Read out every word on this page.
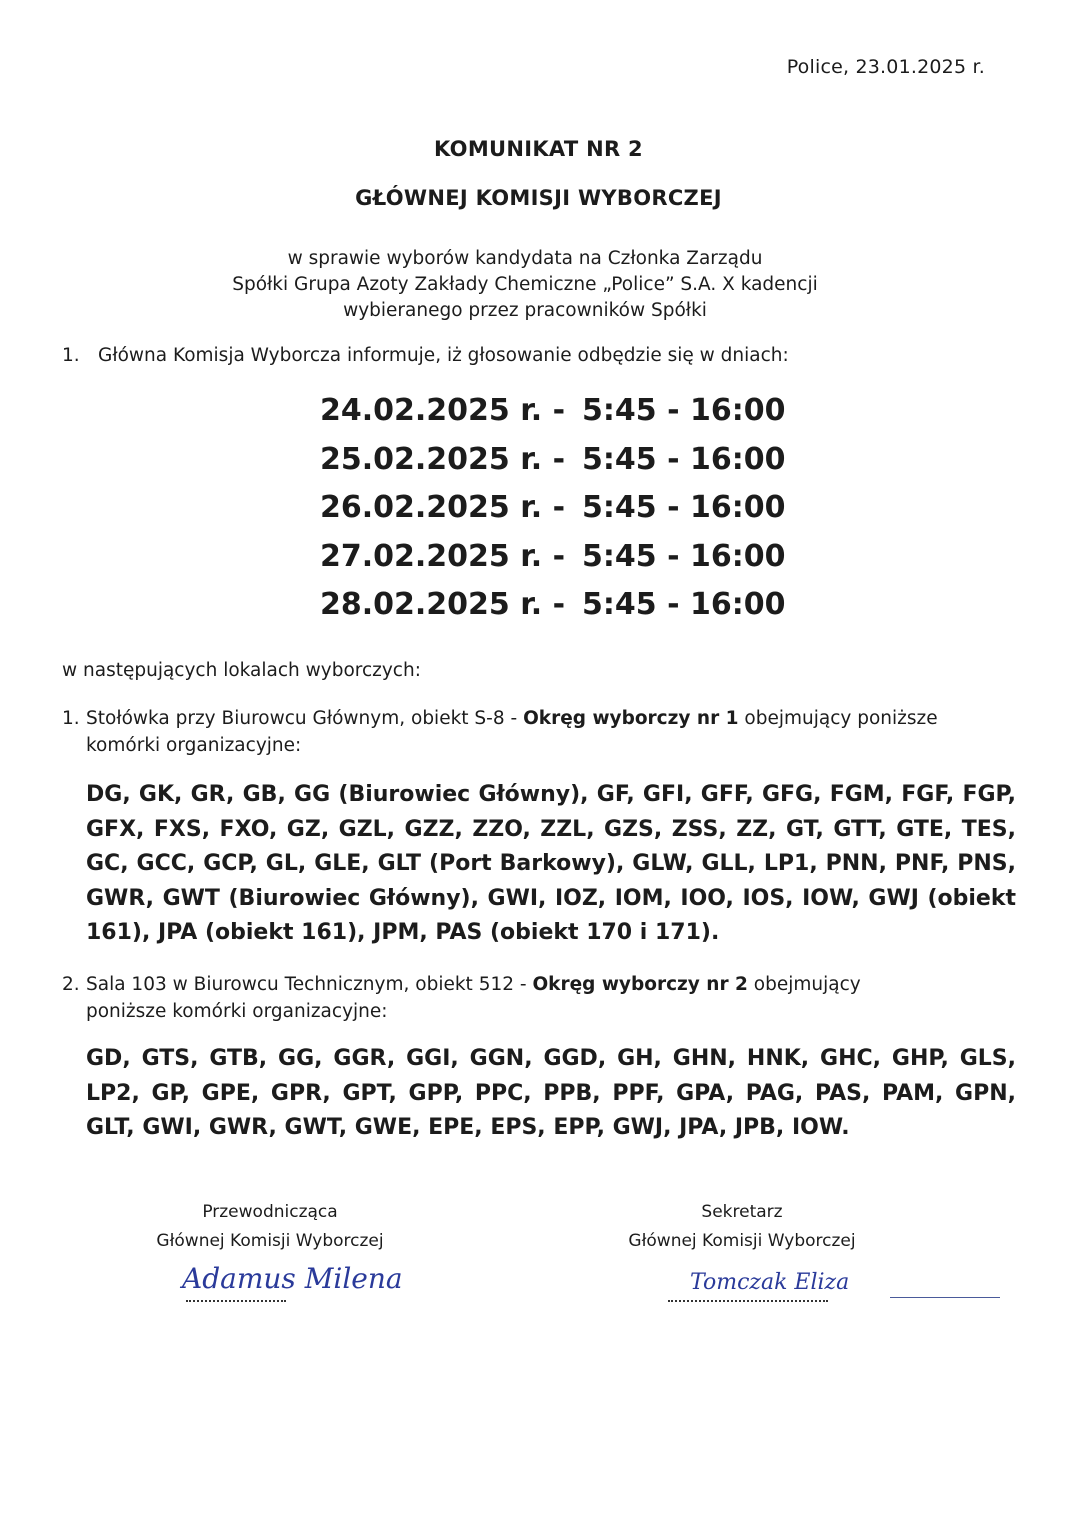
Police, 23.01.2025 r.
KOMUNIKAT NR 2
GŁÓWNEJ KOMISJI WYBORCZEJ
w sprawie wyborów kandydata na Członka Zarządu
Spółki Grupa Azoty Zakłady Chemiczne „Police” S.A. X kadencji
wybieranego przez pracowników Spółki
1. Główna Komisja Wyborcza informuje, iż głosowanie odbędzie się w dniach:
24.02.2025 r. - 5:45 - 16:00
25.02.2025 r. - 5:45 - 16:00
26.02.2025 r. - 5:45 - 16:00
27.02.2025 r. - 5:45 - 16:00
28.02.2025 r. - 5:45 - 16:00
w następujących lokalach wyborczych:
1. Stołówka przy Biurowcu Głównym, obiekt S-8 - Okręg wyborczy nr 1 obejmujący poniższe
komórki organizacyjne:
DG, GK, GR, GB, GG (Biurowiec Główny), GF, GFI, GFF, GFG, FGM, FGF, FGP, GFX, FXS, FXO, GZ, GZL, GZZ, ZZO, ZZL, GZS, ZSS, ZZ, GT, GTT, GTE, TES, GC, GCC, GCP, GL, GLE, GLT (Port Barkowy), GLW, GLL, LP1, PNN, PNF, PNS, GWR, GWT (Biurowiec Główny), GWI, IOZ, IOM, IOO, IOS, IOW, GWJ (obiekt 161), JPA (obiekt 161), JPM, PAS (obiekt 170 i 171).
2. Sala 103 w Biurowcu Technicznym, obiekt 512 - Okręg wyborczy nr 2 obejmujący
poniższe komórki organizacyjne:
GD, GTS, GTB, GG, GGR, GGI, GGN, GGD, GH, GHN, HNK, GHC, GHP, GLS, LP2, GP, GPE, GPR, GPT, GPP, PPC, PPB, PPF, GPA, PAG, PAS, PAM, GPN, GLT, GWI, GWR, GWT, GWE, EPE, EPS, EPP, GWJ, JPA, JPB, IOW.
Przewodnicząca
Głównej Komisji Wyborczej
Adamus Milena
Sekretarz
Głównej Komisji Wyborczej
Tomczak Eliza
